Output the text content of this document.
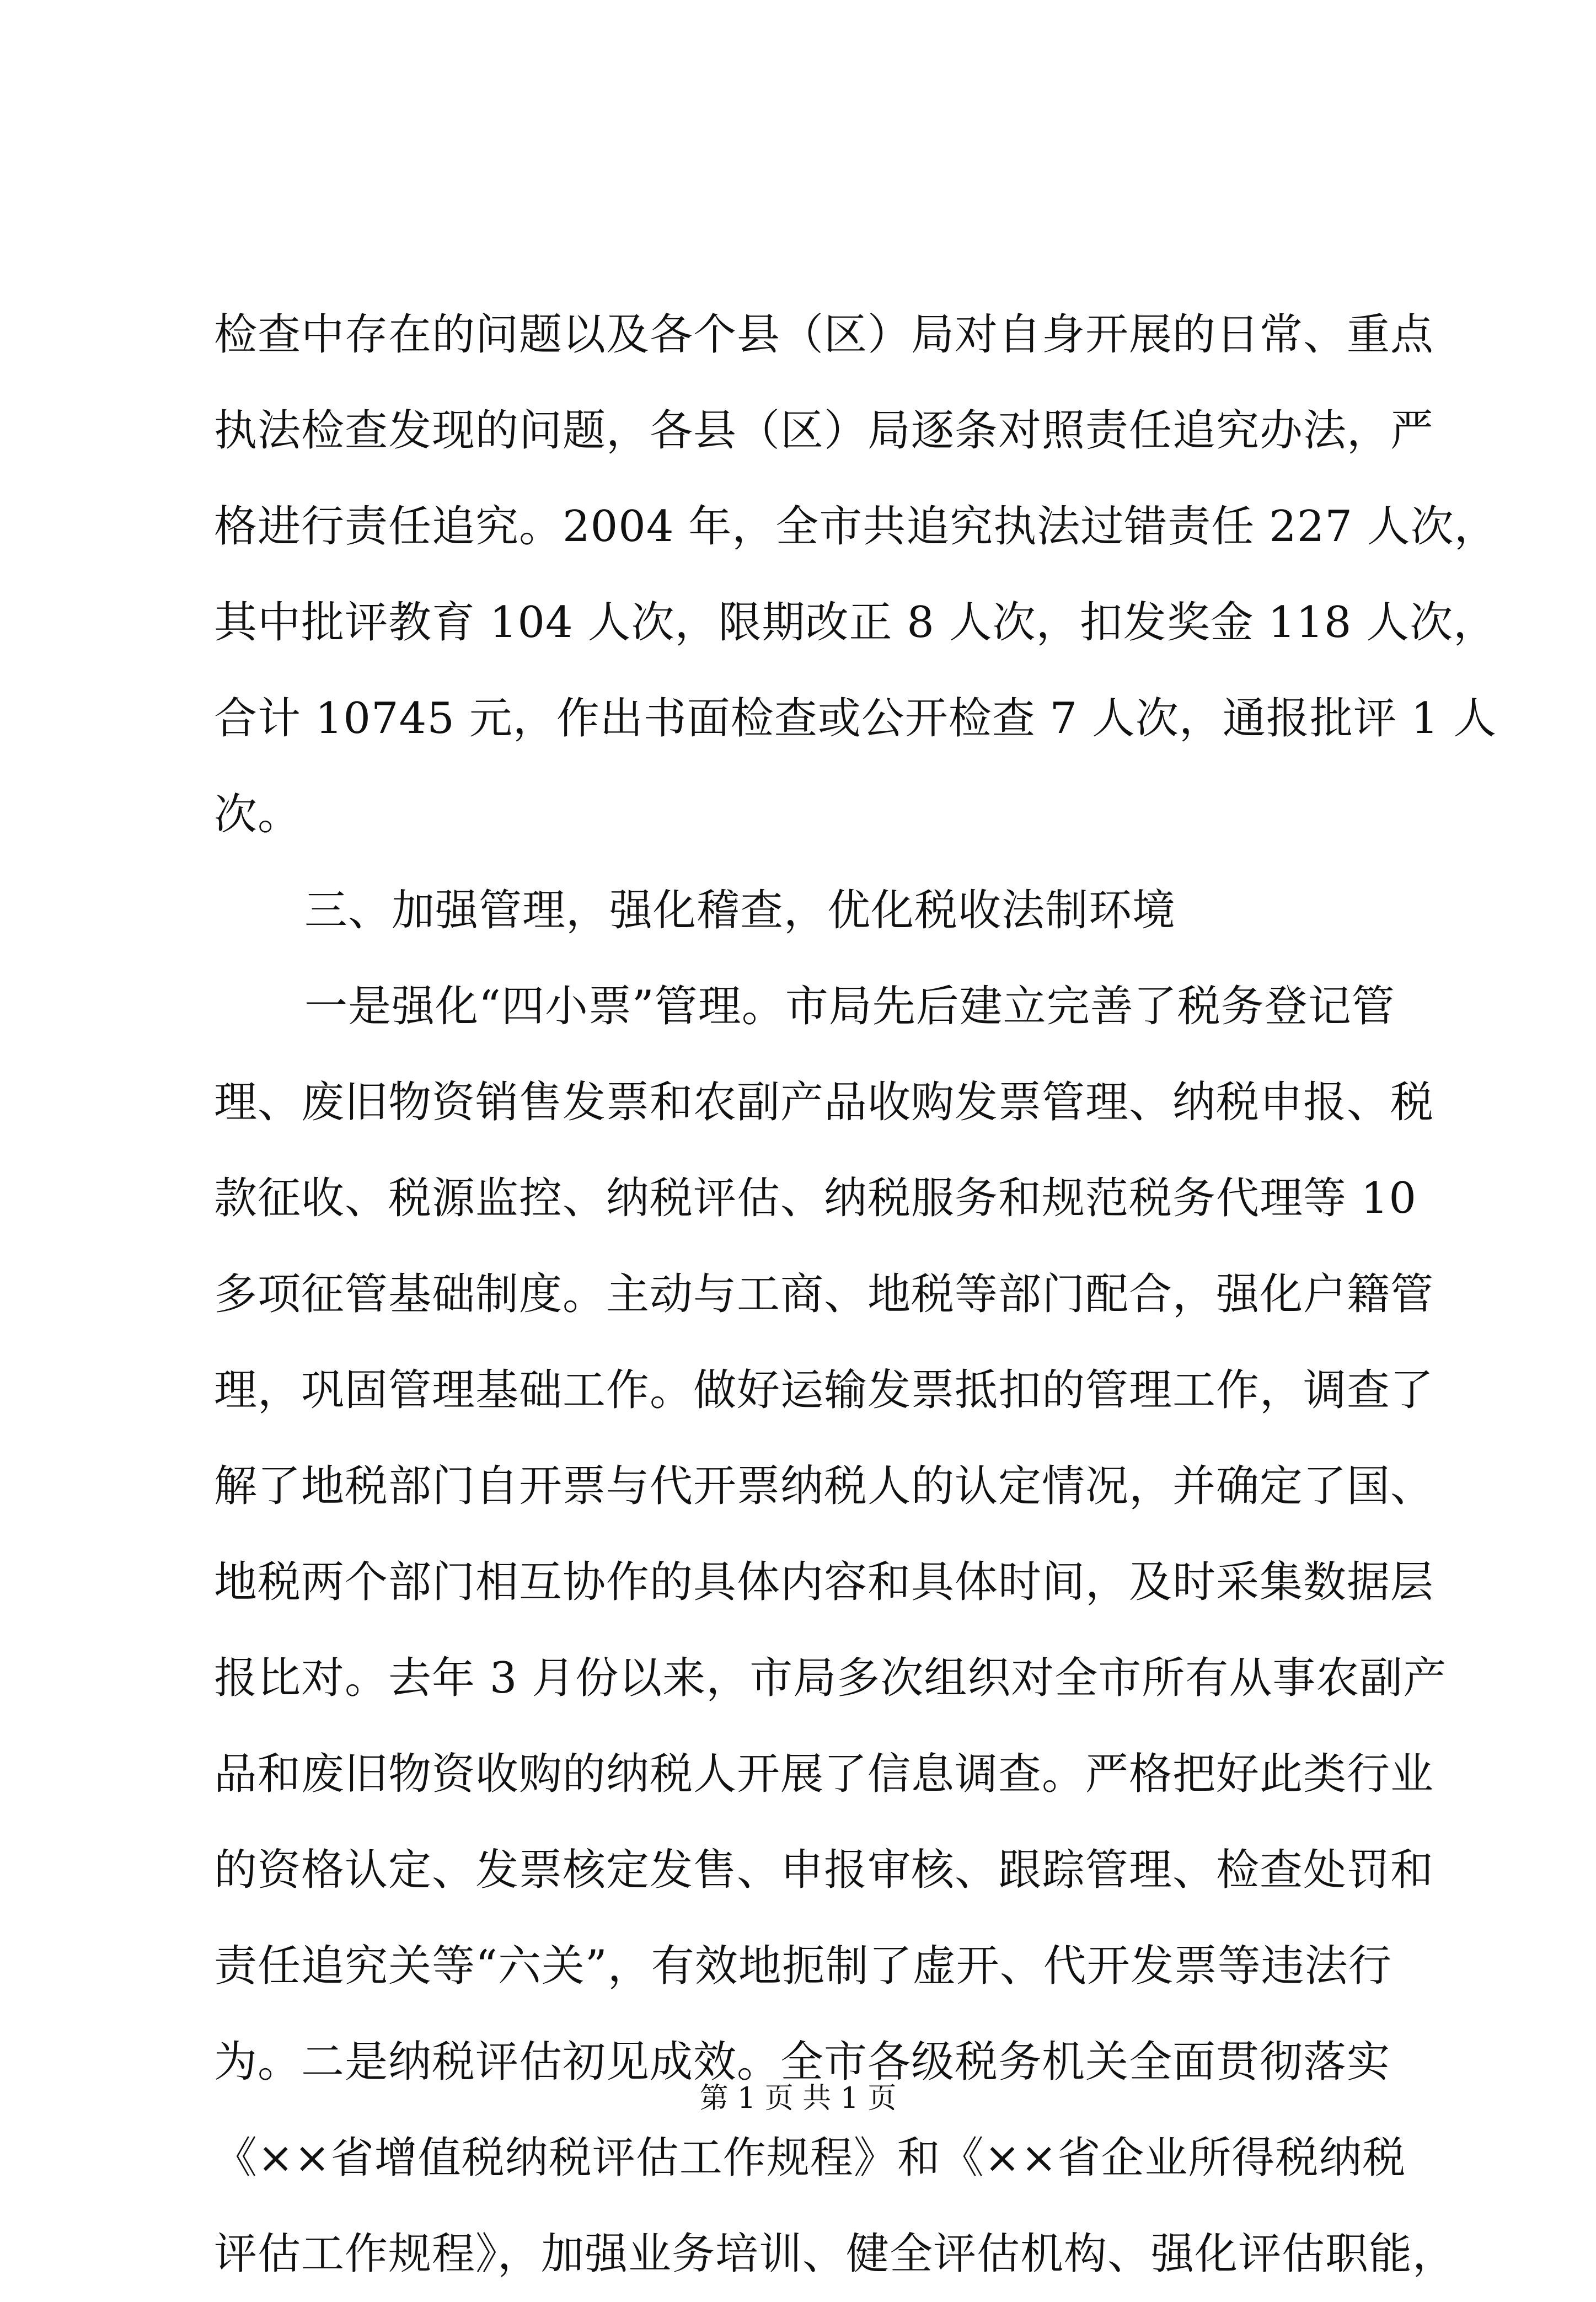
检查中存在的问题以及各个县（区）局对自身开展的日常、重点
执法检查发现的问题，各县（区）局逐条对照责任追究办法，严
格进行责任追究。2004 年，全市共追究执法过错责任 227 人次，
其中批评教育 104 人次，限期改正 8 人次，扣发奖金 118 人次，
合计 10745 元，作出书面检查或公开检查 7 人次，通报批评 1 人
次。
三、加强管理，强化稽查，优化税收法制环境
一是强化“四小票”管理。市局先后建立完善了税务登记管
理、废旧物资销售发票和农副产品收购发票管理、纳税申报、税
款征收、税源监控、纳税评估、纳税服务和规范税务代理等 10
多项征管基础制度。主动与工商、地税等部门配合，强化户籍管
理，巩固管理基础工作。做好运输发票抵扣的管理工作，调查了
解了地税部门自开票与代开票纳税人的认定情况，并确定了国、
地税两个部门相互协作的具体内容和具体时间，及时采集数据层
报比对。去年 3 月份以来，市局多次组织对全市所有从事农副产
品和废旧物资收购的纳税人开展了信息调查。严格把好此类行业
的资格认定、发票核定发售、申报审核、跟踪管理、检查处罚和
责任追究关等“六关”，有效地扼制了虚开、代开发票等违法行
为。二是纳税评估初见成效。全市各级税务机关全面贯彻落实
《××省增值税纳税评估工作规程》和《××省企业所得税纳税
评估工作规程》，加强业务培训、健全评估机构、强化评估职能，
第 1 页 共 1 页
